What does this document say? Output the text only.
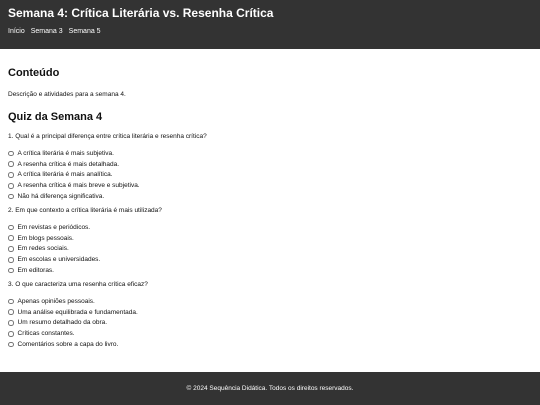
Semana 4: Crítica Literária vs. Resenha Crítica
Início Semana 3 Semana 5
Conteúdo

Descrição e atividades para a semana 4.

Quiz da Semana 4

1. Qual é a principal diferença entre crítica literária e resenha crítica?

A crítica literária é mais subjetiva.
A resenha crítica é mais detalhada.
A crítica literária é mais analítica.
A resenha crítica é mais breve e subjetiva.
Não há diferença significativa.

2. Em que contexto a crítica literária é mais utilizada?

Em revistas e periódicos.
Em blogs pessoais.
Em redes sociais.
Em escolas e universidades.
Em editoras.

3. O que caracteriza uma resenha crítica eficaz?

Apenas opiniões pessoais.
Uma análise equilibrada e fundamentada.
Um resumo detalhado da obra.
Críticas constantes.
Comentários sobre a capa do livro.
© 2024 Sequência Didática. Todos os direitos reservados.
